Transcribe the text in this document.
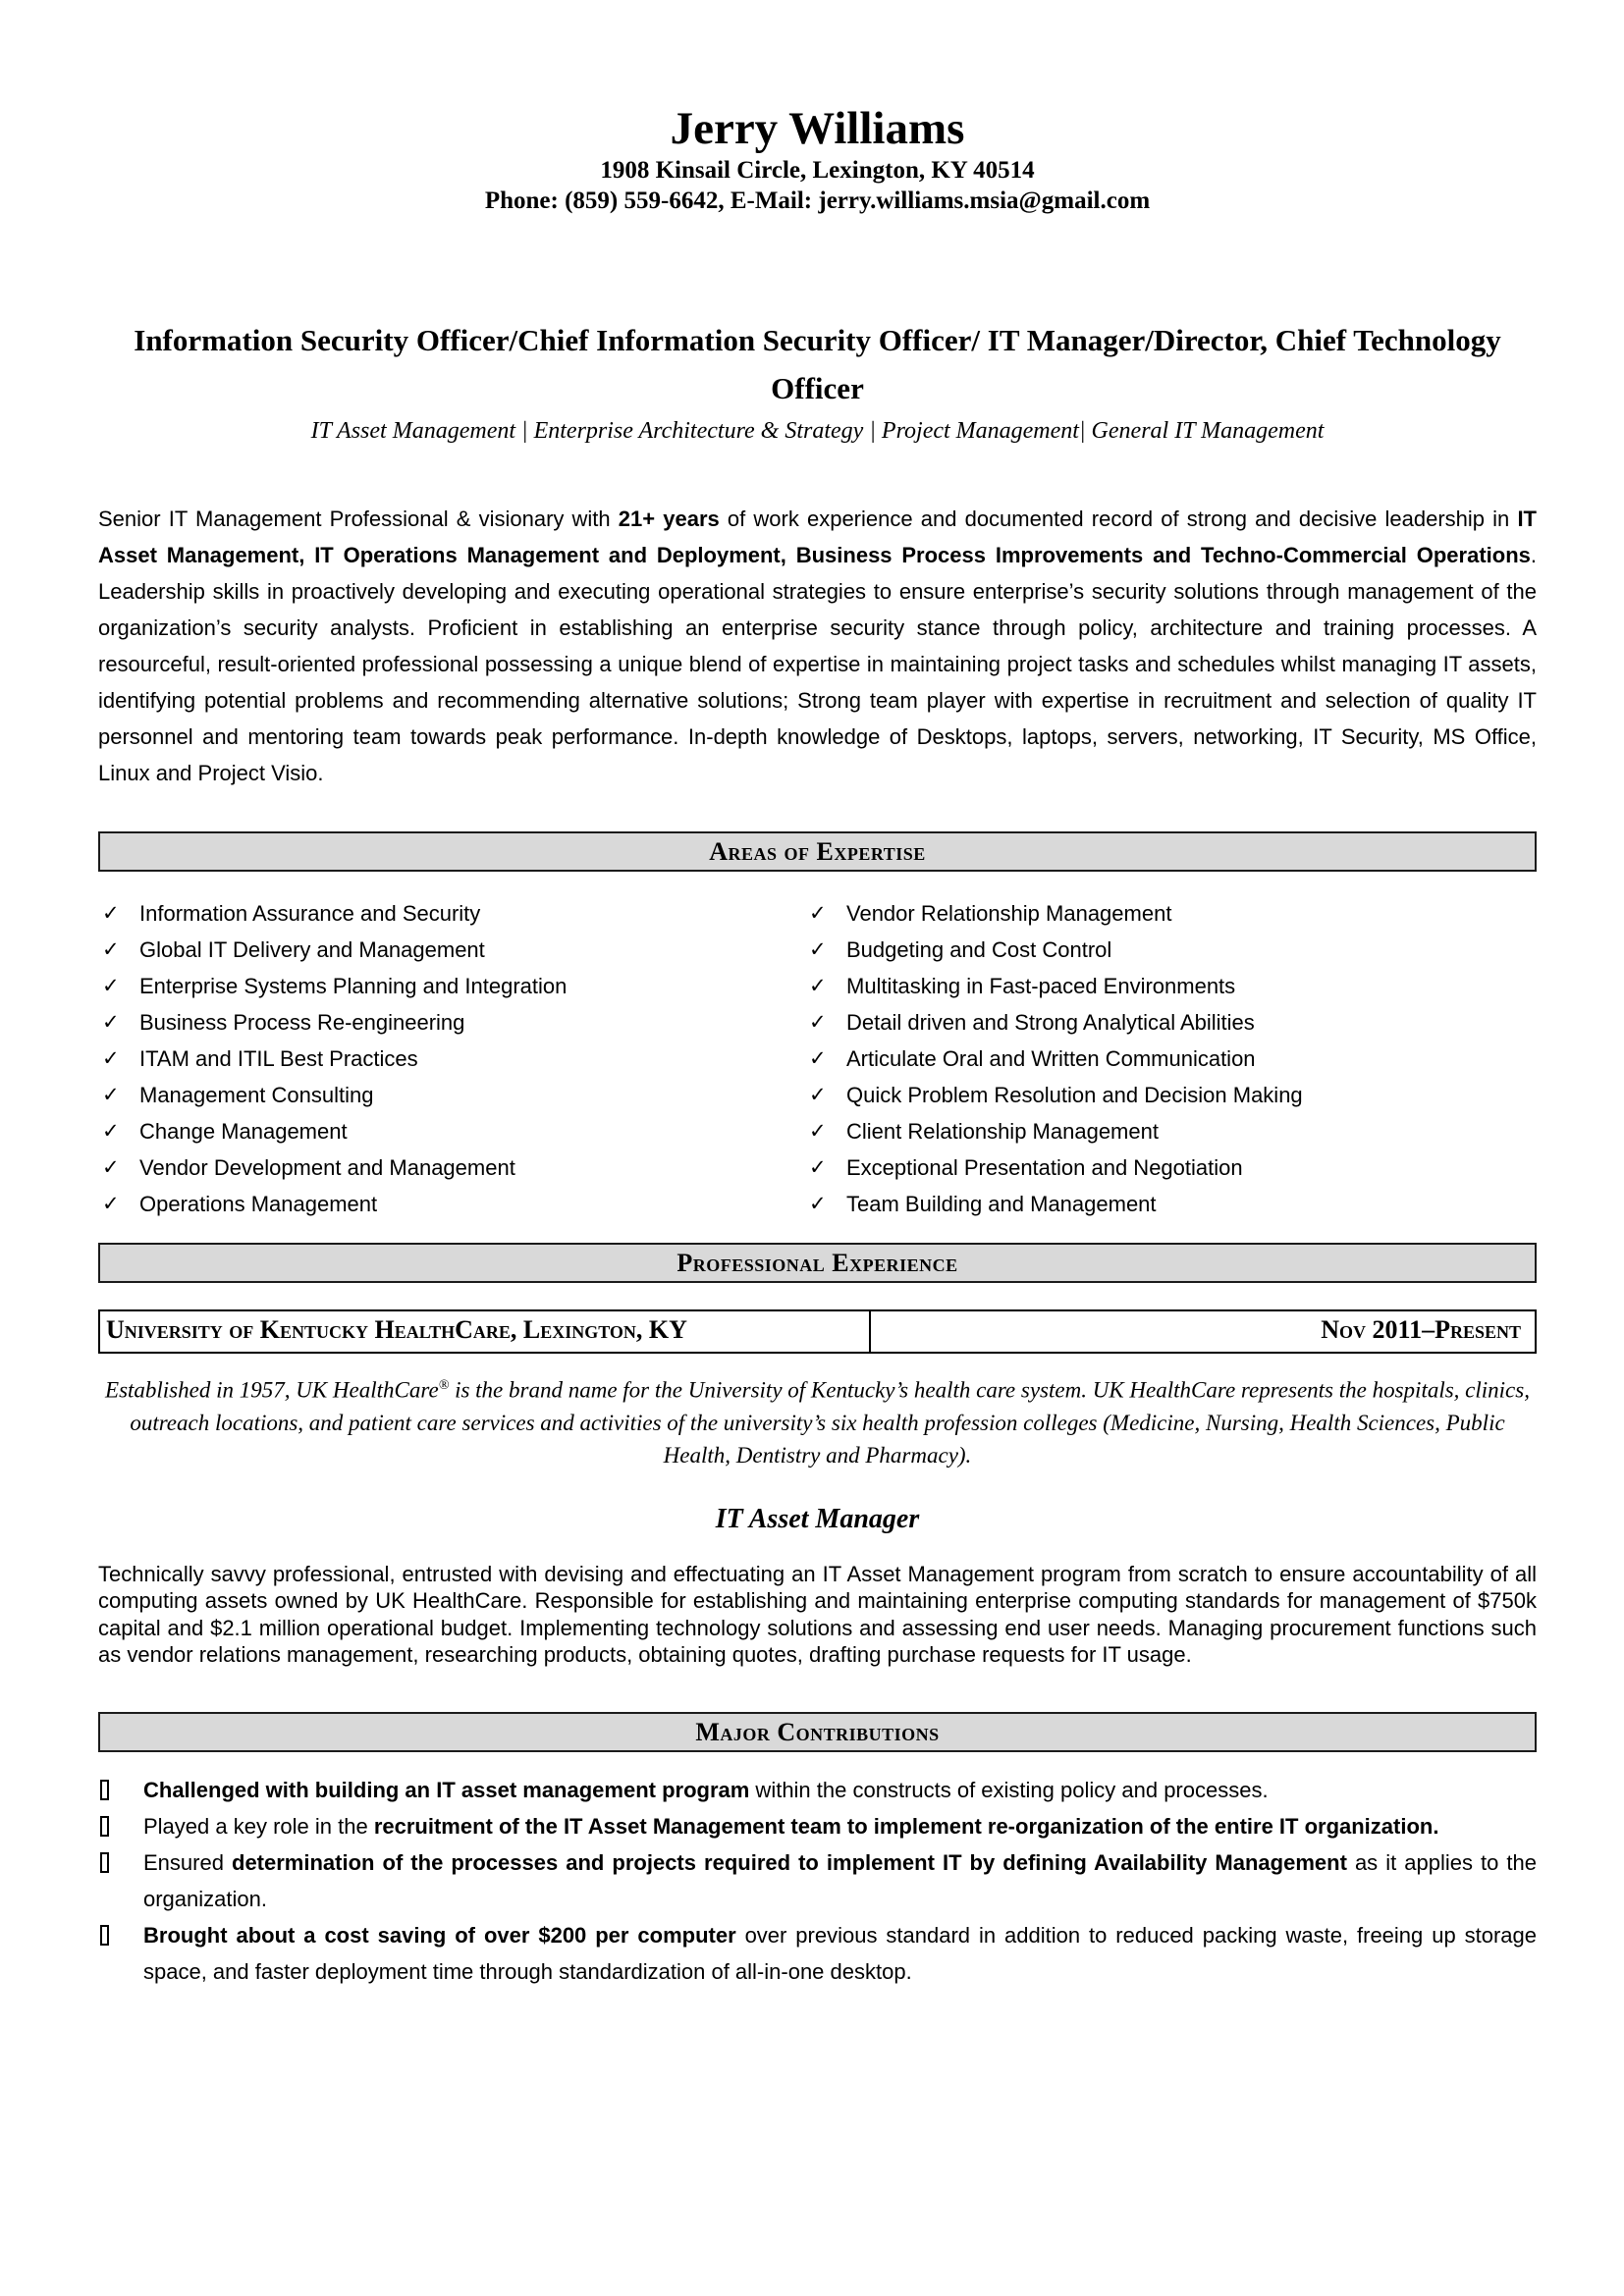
Jerry Williams
1908 Kinsail Circle, Lexington, KY 40514
Phone: (859) 559-6642, E-Mail: jerry.williams.msia@gmail.com
Information Security Officer/Chief Information Security Officer/ IT Manager/Director, Chief Technology Officer
IT Asset Management | Enterprise Architecture & Strategy | Project Management| General IT Management
Senior IT Management Professional & visionary with 21+ years of work experience and documented record of strong and decisive leadership in IT Asset Management, IT Operations Management and Deployment, Business Process Improvements and Techno-Commercial Operations. Leadership skills in proactively developing and executing operational strategies to ensure enterprise’s security solutions through management of the organization’s security analysts. Proficient in establishing an enterprise security stance through policy, architecture and training processes. A resourceful, result-oriented professional possessing a unique blend of expertise in maintaining project tasks and schedules whilst managing IT assets, identifying potential problems and recommending alternative solutions; Strong team player with expertise in recruitment and selection of quality IT personnel and mentoring team towards peak performance. In-depth knowledge of Desktops, laptops, servers, networking, IT Security, MS Office, Linux and Project Visio.
Areas of Expertise
✓ Information Assurance and Security
✓ Global IT Delivery and Management
✓ Enterprise Systems Planning and Integration
✓ Business Process Re-engineering
✓ ITAM and ITIL Best Practices
✓ Management Consulting
✓ Change Management
✓ Vendor Development and Management
✓ Operations Management
✓ Vendor Relationship Management
✓ Budgeting and Cost Control
✓ Multitasking in Fast-paced Environments
✓ Detail driven and Strong Analytical Abilities
✓ Articulate Oral and Written Communication
✓ Quick Problem Resolution and Decision Making
✓ Client Relationship Management
✓ Exceptional Presentation and Negotiation
✓ Team Building and Management
Professional Experience
University of Kentucky HealthCare, Lexington, KY	Nov 2011–Present
Established in 1957, UK HealthCare® is the brand name for the University of Kentucky’s health care system. UK HealthCare represents the hospitals, clinics, outreach locations, and patient care services and activities of the university’s six health profession colleges (Medicine, Nursing, Health Sciences, Public Health, Dentistry and Pharmacy).
IT Asset Manager
Technically savvy professional, entrusted with devising and effectuating an IT Asset Management program from scratch to ensure accountability of all computing assets owned by UK HealthCare. Responsible for establishing and maintaining enterprise computing standards for management of $750k capital and $2.1 million operational budget. Implementing technology solutions and assessing end user needs. Managing procurement functions such as vendor relations management, researching products, obtaining quotes, drafting purchase requests for IT usage.
Major Contributions
Challenged with building an IT asset management program within the constructs of existing policy and processes.
Played a key role in the recruitment of the IT Asset Management team to implement re-organization of the entire IT organization.
Ensured determination of the processes and projects required to implement IT by defining Availability Management as it applies to the organization.
Brought about a cost saving of over $200 per computer over previous standard in addition to reduced packing waste, freeing up storage space, and faster deployment time through standardization of all-in-one desktop.
